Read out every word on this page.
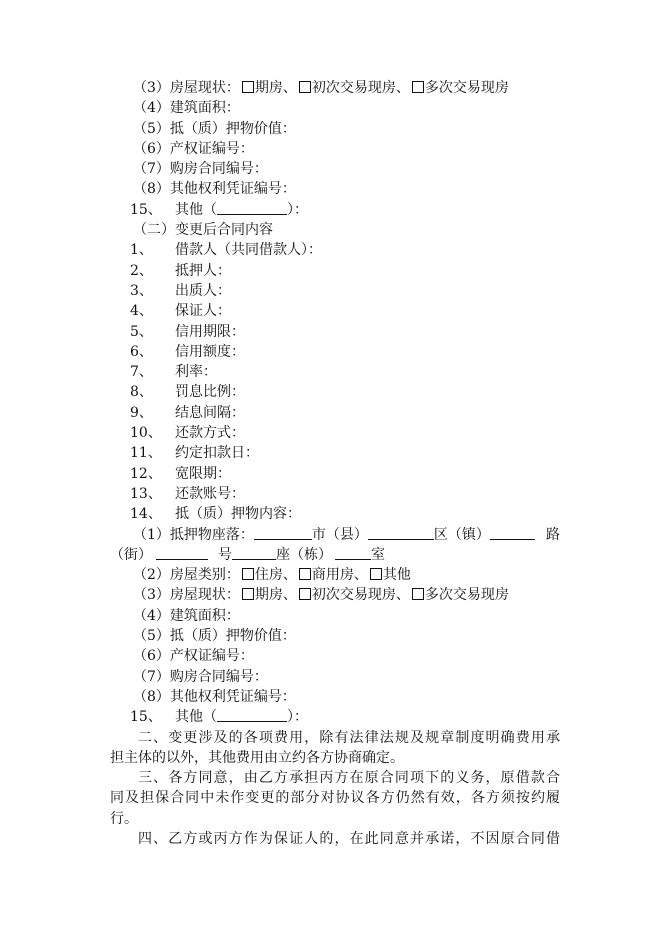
（3）房屋现状： 期房、 初次交易现房、 多次交易现房
（4）建筑面积：
（5）抵（质）押物价值：
（6）产权证编号：
（7）购房合同编号：
（8）其他权利凭证编号：
15、 其他（	）：
（二）变更后合同内容
1、 借款人（共同借款人）：
2、 抵押人：
3、 出质人：
4、 保证人：
5、 信用期限：
6、 信用额度：
7、 利率：
8、 罚息比例：
9、 结息间隔：
10、 还款方式：
11、 约定扣款日：
12、 宽限期：
13、 还款账号：
14、 抵（质）押物内容：
（1）抵押物座落：	市（县）	区（镇）	路
（街）	号	座（栋）	室
（2）房屋类别： 住房、 商用房、 其他
（3）房屋现状： 期房、 初次交易现房、 多次交易现房
（4）建筑面积：
（5）抵（质）押物价值：
（6）产权证编号：
（7）购房合同编号：
（8）其他权利凭证编号：
15、 其他（	）：
二、变更涉及的各项费用，除有法律法规及规章制度明确费用承
担主体的以外，其他费用由立约各方协商确定。
三、各方同意，由乙方承担丙方在原合同项下的义务，原借款合
同及担保合同中未作变更的部分对协议各方仍然有效，各方须按约履
行。
四、乙方或丙方作为保证人的，在此同意并承诺，不因原合同借
